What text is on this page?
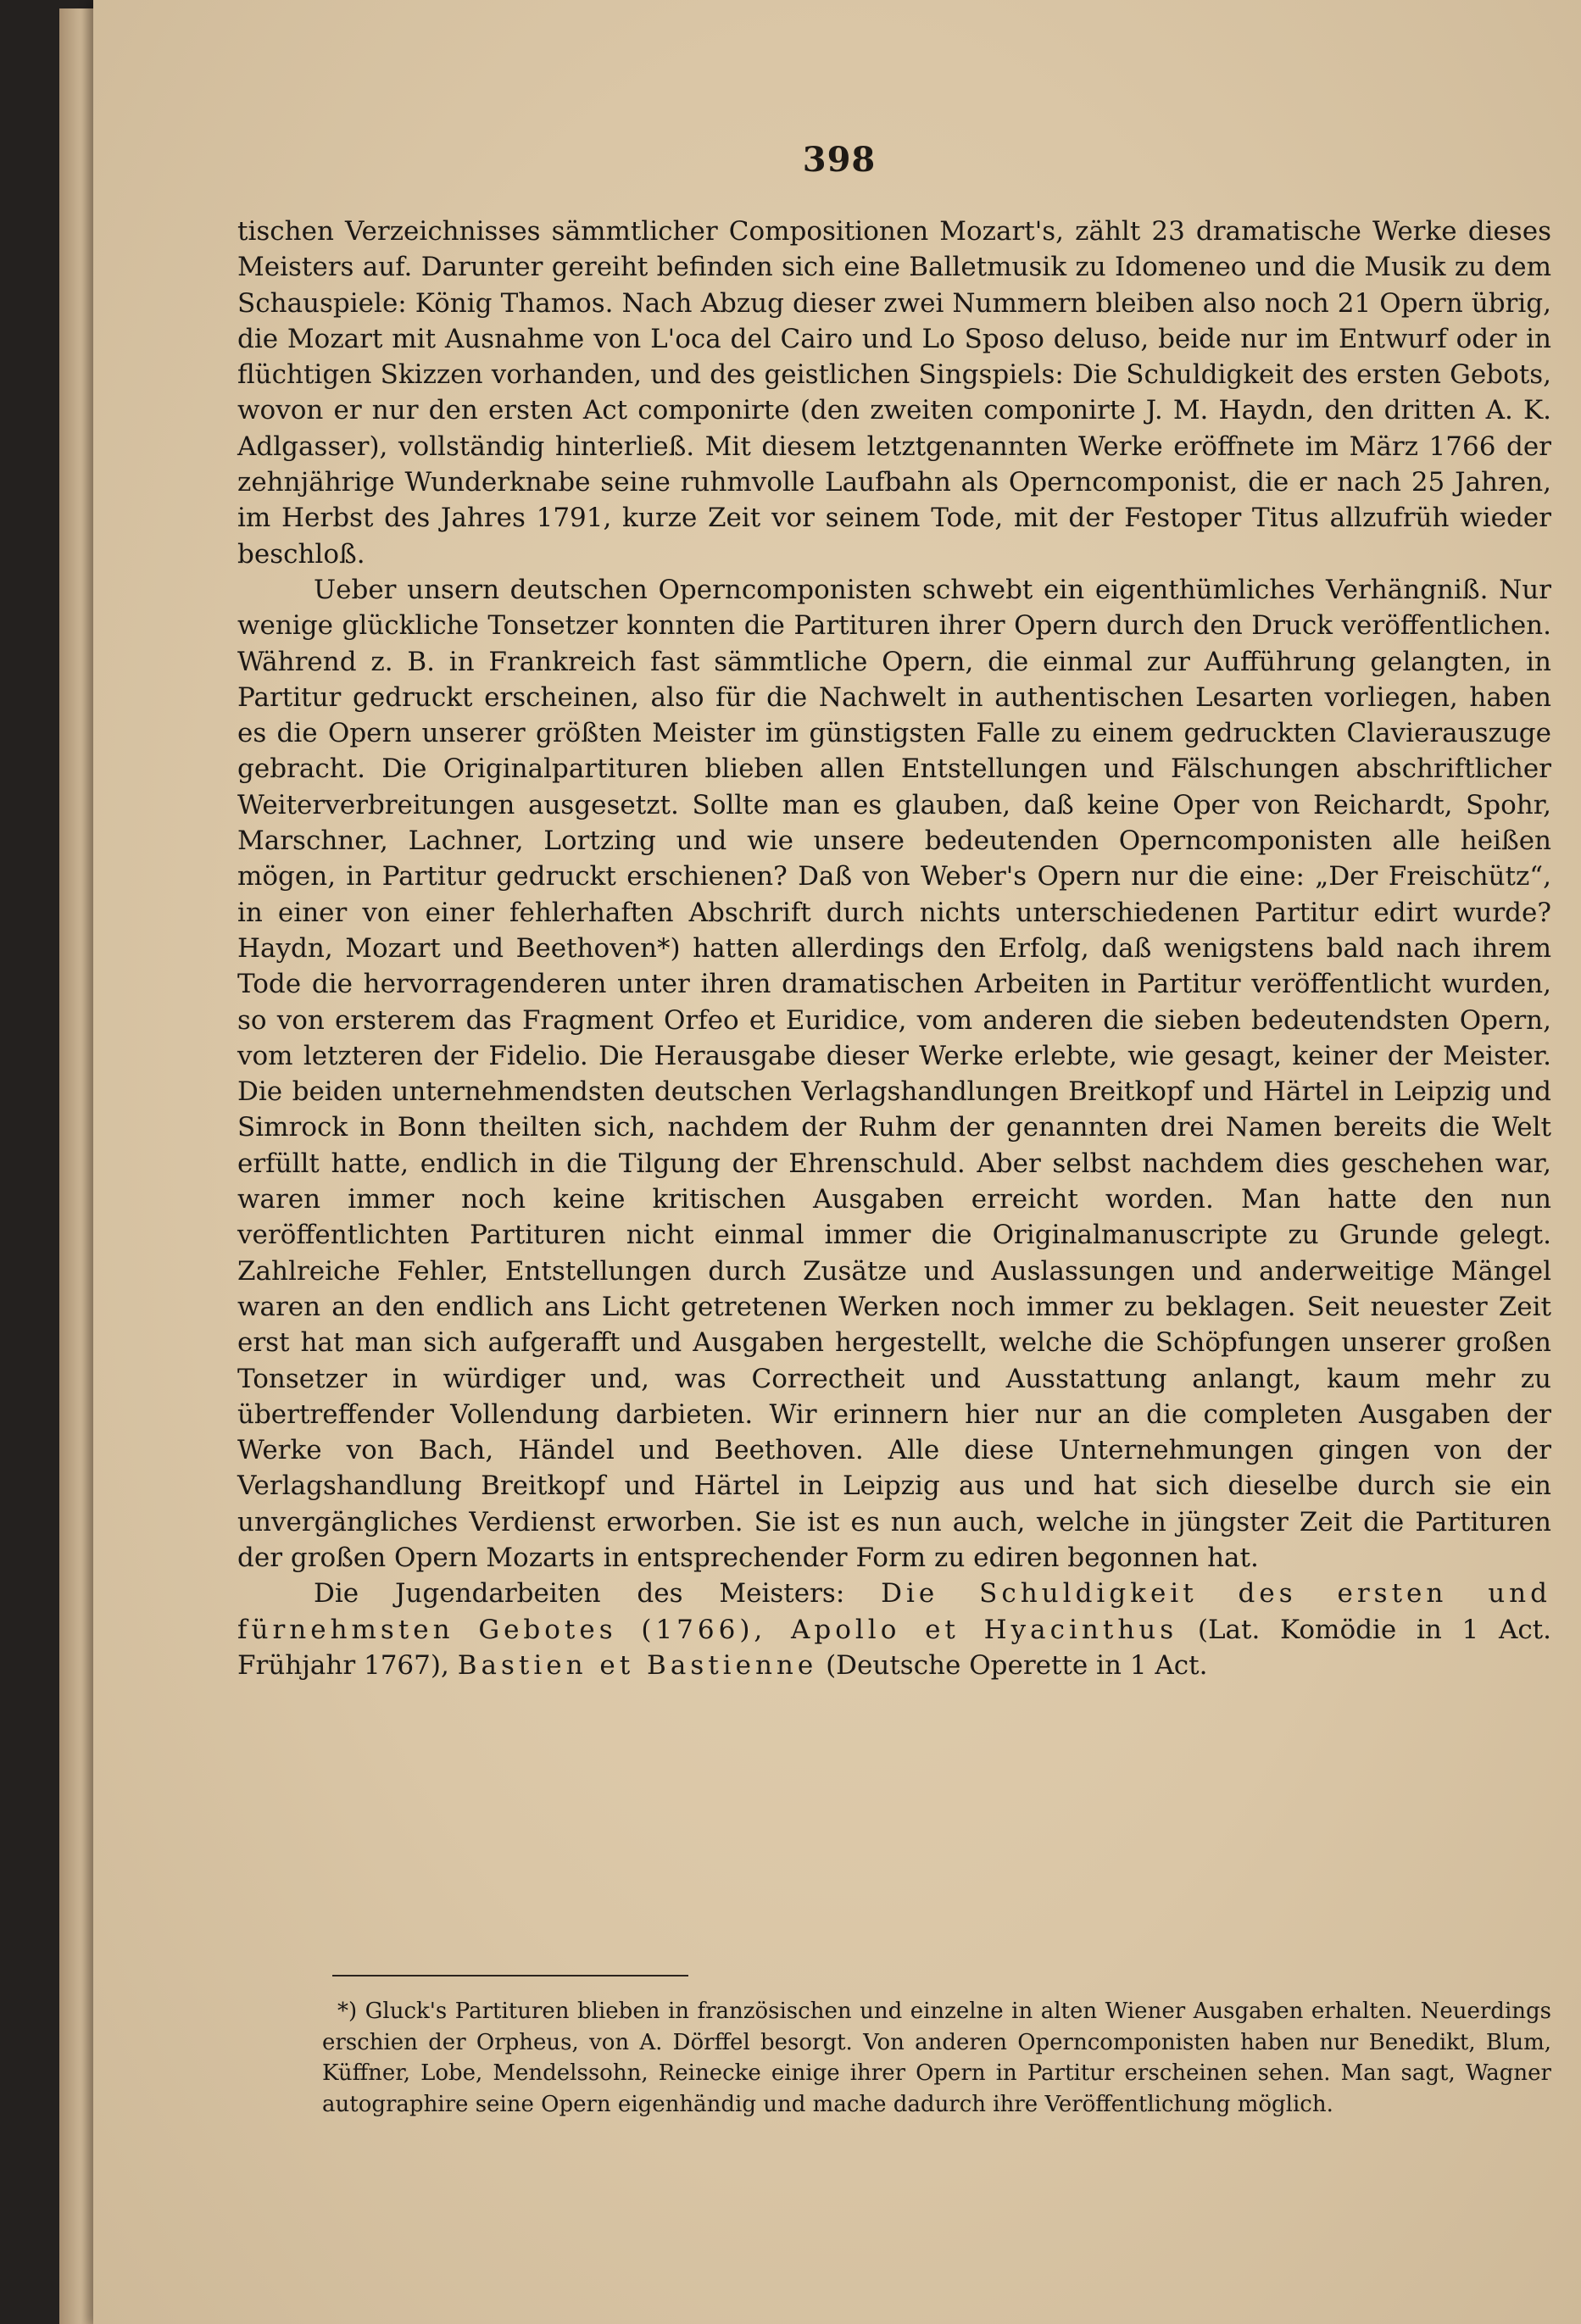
398

tischen Verzeichnisses sämmtlicher Compositionen Mozart's, zählt 23 dramatische Werke dieses Meisters auf. Darunter gereiht befinden sich eine Balletmusik zu Idomeneo und die Musik zu dem Schauspiele: König Thamos. Nach Abzug dieser zwei Nummern bleiben also noch 21 Opern übrig, die Mozart mit Ausnahme von L'oca del Cairo und Lo Sposo deluso, beide nur im Entwurf oder in flüchtigen Skizzen vorhanden, und des geistlichen Singspiels: Die Schuldigkeit des ersten Gebots, wovon er nur den ersten Act componirte (den zweiten componirte J. M. Haydn, den dritten A. K. Adlgasser), vollständig hinterließ. Mit diesem letztgenannten Werke eröffnete im März 1766 der zehnjährige Wunderknabe seine ruhmvolle Laufbahn als Operncomponist, die er nach 25 Jahren, im Herbst des Jahres 1791, kurze Zeit vor seinem Tode, mit der Festoper Titus allzufrüh wieder beschloß.

Ueber unsern deutschen Operncomponisten schwebt ein eigenthümliches Verhängniß. Nur wenige glückliche Tonsetzer konnten die Partituren ihrer Opern durch den Druck veröffentlichen. Während z. B. in Frankreich fast sämmtliche Opern, die einmal zur Aufführung gelangten, in Partitur gedruckt erscheinen, also für die Nachwelt in authentischen Lesarten vorliegen, haben es die Opern unserer größten Meister im günstigsten Falle zu einem gedruckten Clavierauszuge gebracht. Die Originalpartituren blieben allen Entstellungen und Fälschungen abschriftlicher Weiterverbreitungen ausgesetzt. Sollte man es glauben, daß keine Oper von Reichardt, Spohr, Marschner, Lachner, Lortzing und wie unsere bedeutenden Operncomponisten alle heißen mögen, in Partitur gedruckt erschienen? Daß von Weber's Opern nur die eine: „Der Freischütz“, in einer von einer fehlerhaften Abschrift durch nichts unterschiedenen Partitur edirt wurde? Haydn, Mozart und Beethoven*) hatten allerdings den Erfolg, daß wenigstens bald nach ihrem Tode die hervorragenderen unter ihren dramatischen Arbeiten in Partitur veröffentlicht wurden, so von ersterem das Fragment Orfeo et Euridice, vom anderen die sieben bedeutendsten Opern, vom letzteren der Fidelio. Die Herausgabe dieser Werke erlebte, wie gesagt, keiner der Meister. Die beiden unternehmendsten deutschen Verlagshandlungen Breitkopf und Härtel in Leipzig und Simrock in Bonn theilten sich, nachdem der Ruhm der genannten drei Namen bereits die Welt erfüllt hatte, endlich in die Tilgung der Ehrenschuld. Aber selbst nachdem dies geschehen war, waren immer noch keine kritischen Ausgaben erreicht worden. Man hatte den nun veröffentlichten Partituren nicht einmal immer die Originalmanuscripte zu Grunde gelegt. Zahlreiche Fehler, Entstellungen durch Zusätze und Auslassungen und anderweitige Mängel waren an den endlich ans Licht getretenen Werken noch immer zu beklagen. Seit neuester Zeit erst hat man sich aufgerafft und Ausgaben hergestellt, welche die Schöpfungen unserer großen Tonsetzer in würdiger und, was Correctheit und Ausstattung anlangt, kaum mehr zu übertreffender Vollendung darbieten. Wir erinnern hier nur an die completen Ausgaben der Werke von Bach, Händel und Beethoven. Alle diese Unternehmungen gingen von der Verlagshandlung Breitkopf und Härtel in Leipzig aus und hat sich dieselbe durch sie ein unvergängliches Verdienst erworben. Sie ist es nun auch, welche in jüngster Zeit die Partituren der großen Opern Mozarts in entsprechender Form zu ediren begonnen hat.

Die Jugendarbeiten des Meisters: Die Schuldigkeit des ersten und fürnehmsten Gebotes (1766), Apollo et Hyacinthus (Lat. Komödie in 1 Act. Frühjahr 1767), Bastien et Bastienne (Deutsche Operette in 1 Act.

*) Gluck's Partituren blieben in französischen und einzelne in alten Wiener Ausgaben erhalten. Neuerdings erschien der Orpheus, von A. Dörffel besorgt. Von anderen Operncomponisten haben nur Benedikt, Blum, Küffner, Lobe, Mendelssohn, Reinecke einige ihrer Opern in Partitur erscheinen sehen. Man sagt, Wagner autographire seine Opern eigenhändig und mache dadurch ihre Veröffentlichung möglich.
